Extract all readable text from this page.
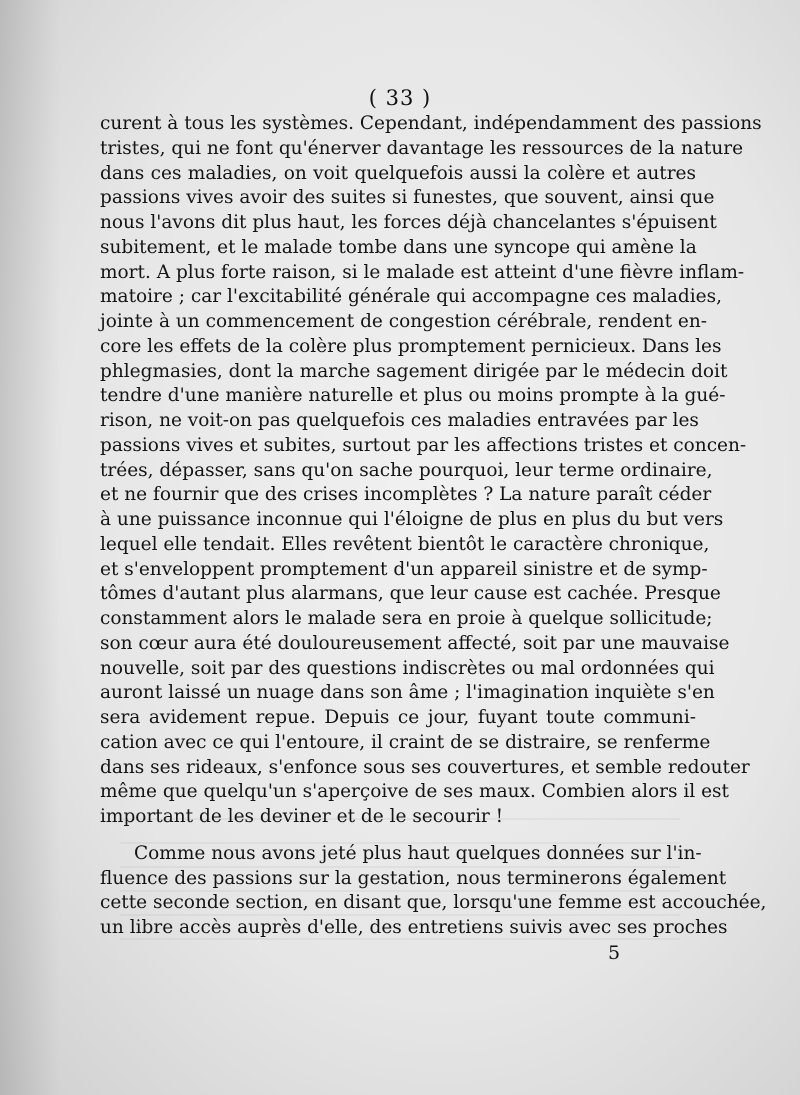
( 33 )
curent à tous les systèmes. Cependant, indépendamment des passions
tristes, qui ne font qu'énerver davantage les ressources de la nature
dans ces maladies, on voit quelquefois aussi la colère et autres
passions vives avoir des suites si funestes, que souvent, ainsi que
nous l'avons dit plus haut, les forces déjà chancelantes s'épuisent
subitement, et le malade tombe dans une syncope qui amène la
mort. A plus forte raison, si le malade est atteint d'une fièvre inflam-
matoire ; car l'excitabilité générale qui accompagne ces maladies,
jointe à un commencement de congestion cérébrale, rendent en-
core les effets de la colère plus promptement pernicieux. Dans les
phlegmasies, dont la marche sagement dirigée par le médecin doit
tendre d'une manière naturelle et plus ou moins prompte à la gué-
rison, ne voit-on pas quelquefois ces maladies entravées par les
passions vives et subites, surtout par les affections tristes et concen-
trées, dépasser, sans qu'on sache pourquoi, leur terme ordinaire,
et ne fournir que des crises incomplètes ? La nature paraît céder
à une puissance inconnue qui l'éloigne de plus en plus du but vers
lequel elle tendait. Elles revêtent bientôt le caractère chronique,
et s'enveloppent promptement d'un appareil sinistre et de symp-
tômes d'autant plus alarmans, que leur cause est cachée. Presque
constamment alors le malade sera en proie à quelque sollicitude;
son cœur aura été douloureusement affecté, soit par une mauvaise
nouvelle, soit par des questions indiscrètes ou mal ordonnées qui
auront laissé un nuage dans son âme ; l'imagination inquiète s'en
sera avidement repue. Depuis ce jour, fuyant toute communi-
cation avec ce qui l'entoure, il craint de se distraire, se renferme
dans ses rideaux, s'enfonce sous ses couvertures, et semble redouter
même que quelqu'un s'aperçoive de ses maux. Combien alors il est
important de les deviner et de le secourir !
Comme nous avons jeté plus haut quelques données sur l'in-
fluence des passions sur la gestation, nous terminerons également
cette seconde section, en disant que, lorsqu'une femme est accouchée,
un libre accès auprès d'elle, des entretiens suivis avec ses proches
5
